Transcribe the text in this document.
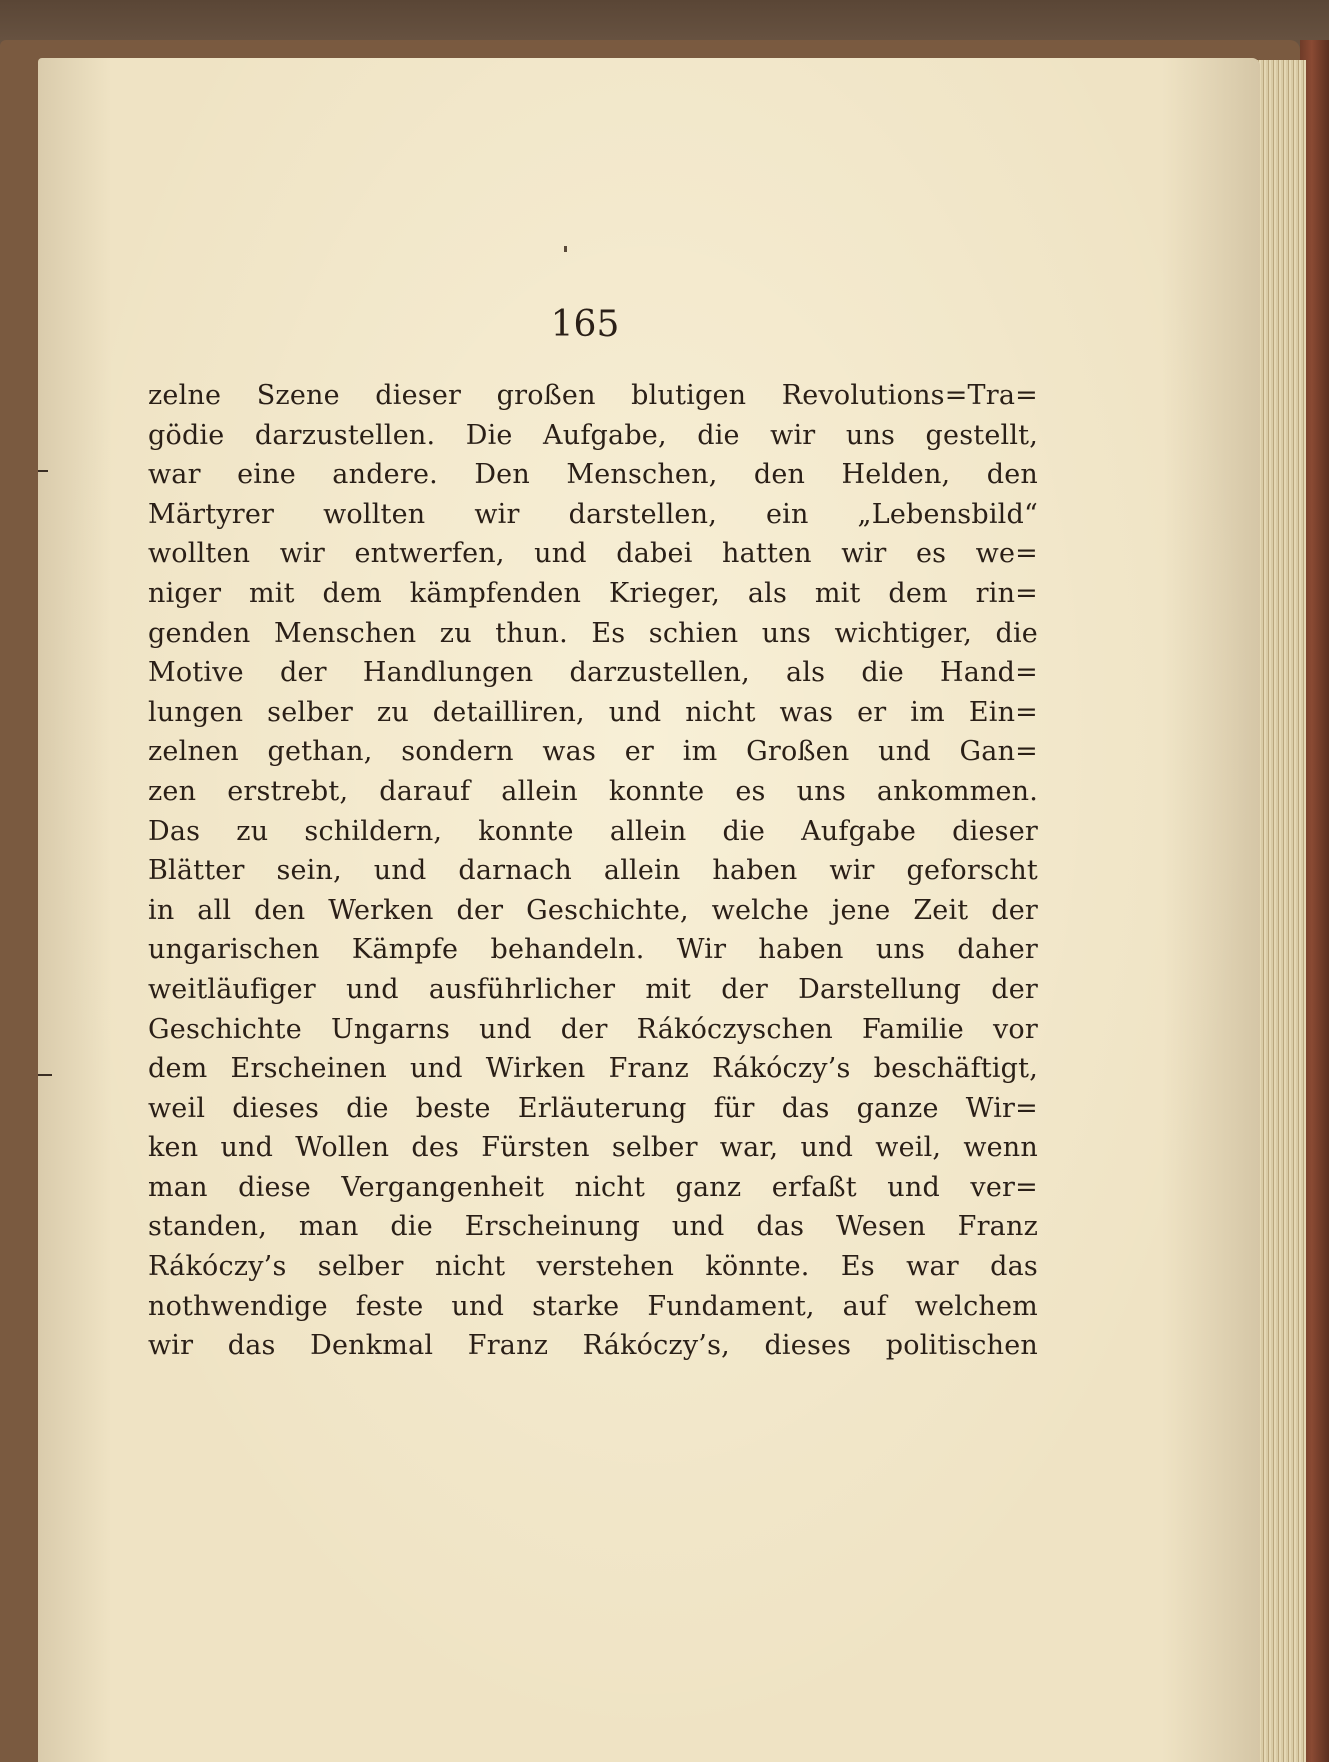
165
zelne Szene dieser großen blutigen Revolutions=Tra=
gödie darzustellen. Die Aufgabe, die wir uns gestellt,
war eine andere. Den Menschen, den Helden, den
Märtyrer wollten wir darstellen, ein „Lebensbild“
wollten wir entwerfen, und dabei hatten wir es we=
niger mit dem kämpfenden Krieger, als mit dem rin=
genden Menschen zu thun. Es schien uns wichtiger, die
Motive der Handlungen darzustellen, als die Hand=
lungen selber zu detailliren, und nicht was er im Ein=
zelnen gethan, sondern was er im Großen und Gan=
zen erstrebt, darauf allein konnte es uns ankommen.
Das zu schildern, konnte allein die Aufgabe dieser
Blätter sein, und darnach allein haben wir geforscht
in all den Werken der Geschichte, welche jene Zeit der
ungarischen Kämpfe behandeln. Wir haben uns daher
weitläufiger und ausführlicher mit der Darstellung der
Geschichte Ungarns und der Rákóczyschen Familie vor
dem Erscheinen und Wirken Franz Rákóczy’s beschäftigt,
weil dieses die beste Erläuterung für das ganze Wir=
ken und Wollen des Fürsten selber war, und weil, wenn
man diese Vergangenheit nicht ganz erfaßt und ver=
standen, man die Erscheinung und das Wesen Franz
Rákóczy’s selber nicht verstehen könnte. Es war das
nothwendige feste und starke Fundament, auf welchem
wir das Denkmal Franz Rákóczy’s, dieses politischen
